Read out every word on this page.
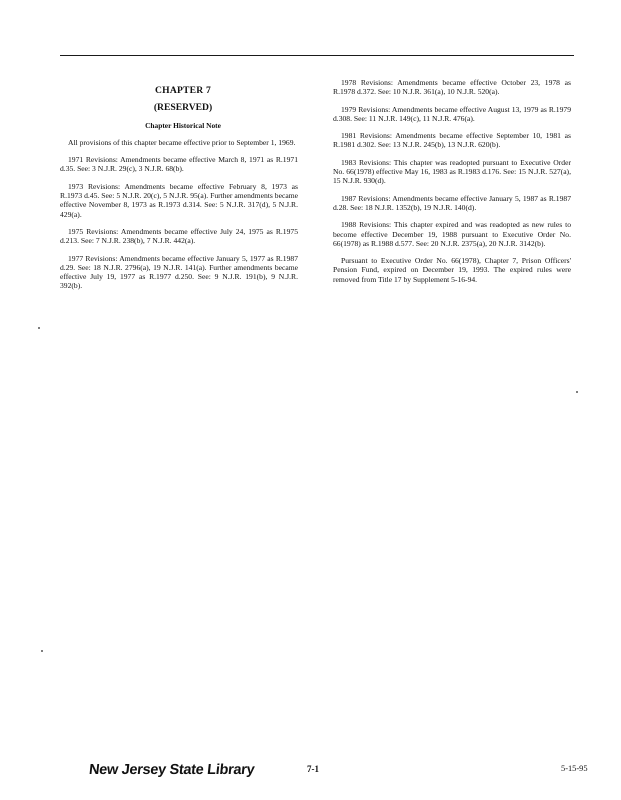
CHAPTER 7

(RESERVED)

Chapter Historical Note

All provisions of this chapter became effective prior to September 1, 1969.

1971 Revisions: Amendments became effective March 8, 1971 as R.1971 d.35. See: 3 N.J.R. 29(c), 3 N.J.R. 68(b).

1973 Revisions: Amendments became effective February 8, 1973 as R.1973 d.45. See: 5 N.J.R. 20(c), 5 N.J.R. 95(a). Further amendments became effective November 8, 1973 as R.1973 d.314. See: 5 N.J.R. 317(d), 5 N.J.R. 429(a).

1975 Revisions: Amendments became effective July 24, 1975 as R.1975 d.213. See: 7 N.J.R. 238(b), 7 N.J.R. 442(a).

1977 Revisions: Amendments became effective January 5, 1977 as R.1987 d.29. See: 18 N.J.R. 2796(a), 19 N.J.R. 141(a). Further amendments became effective July 19, 1977 as R.1977 d.250. See: 9 N.J.R. 191(b), 9 N.J.R. 392(b).

1978 Revisions: Amendments became effective October 23, 1978 as R.1978 d.372. See: 10 N.J.R. 361(a), 10 N.J.R. 520(a).

1979 Revisions: Amendments became effective August 13, 1979 as R.1979 d.308. See: 11 N.J.R. 149(c), 11 N.J.R. 476(a).

1981 Revisions: Amendments became effective September 10, 1981 as R.1981 d.302. See: 13 N.J.R. 245(b), 13 N.J.R. 620(b).

1983 Revisions: This chapter was readopted pursuant to Executive Order No. 66(1978) effective May 16, 1983 as R.1983 d.176. See: 15 N.J.R. 527(a), 15 N.J.R. 930(d).

1987 Revisions: Amendments became effective January 5, 1987 as R.1987 d.28. See: 18 N.J.R. 1352(b), 19 N.J.R. 140(d).

1988 Revisions: This chapter expired and was readopted as new rules to become effective December 19, 1988 pursuant to Executive Order No. 66(1978) as R.1988 d.577. See: 20 N.J.R. 2375(a), 20 N.J.R. 3142(b).

Pursuant to Executive Order No. 66(1978), Chapter 7, Prison Officers' Pension Fund, expired on December 19, 1993. The expired rules were removed from Title 17 by Supplement 5-16-94.

New Jersey State Library	7-1	5-15-95
